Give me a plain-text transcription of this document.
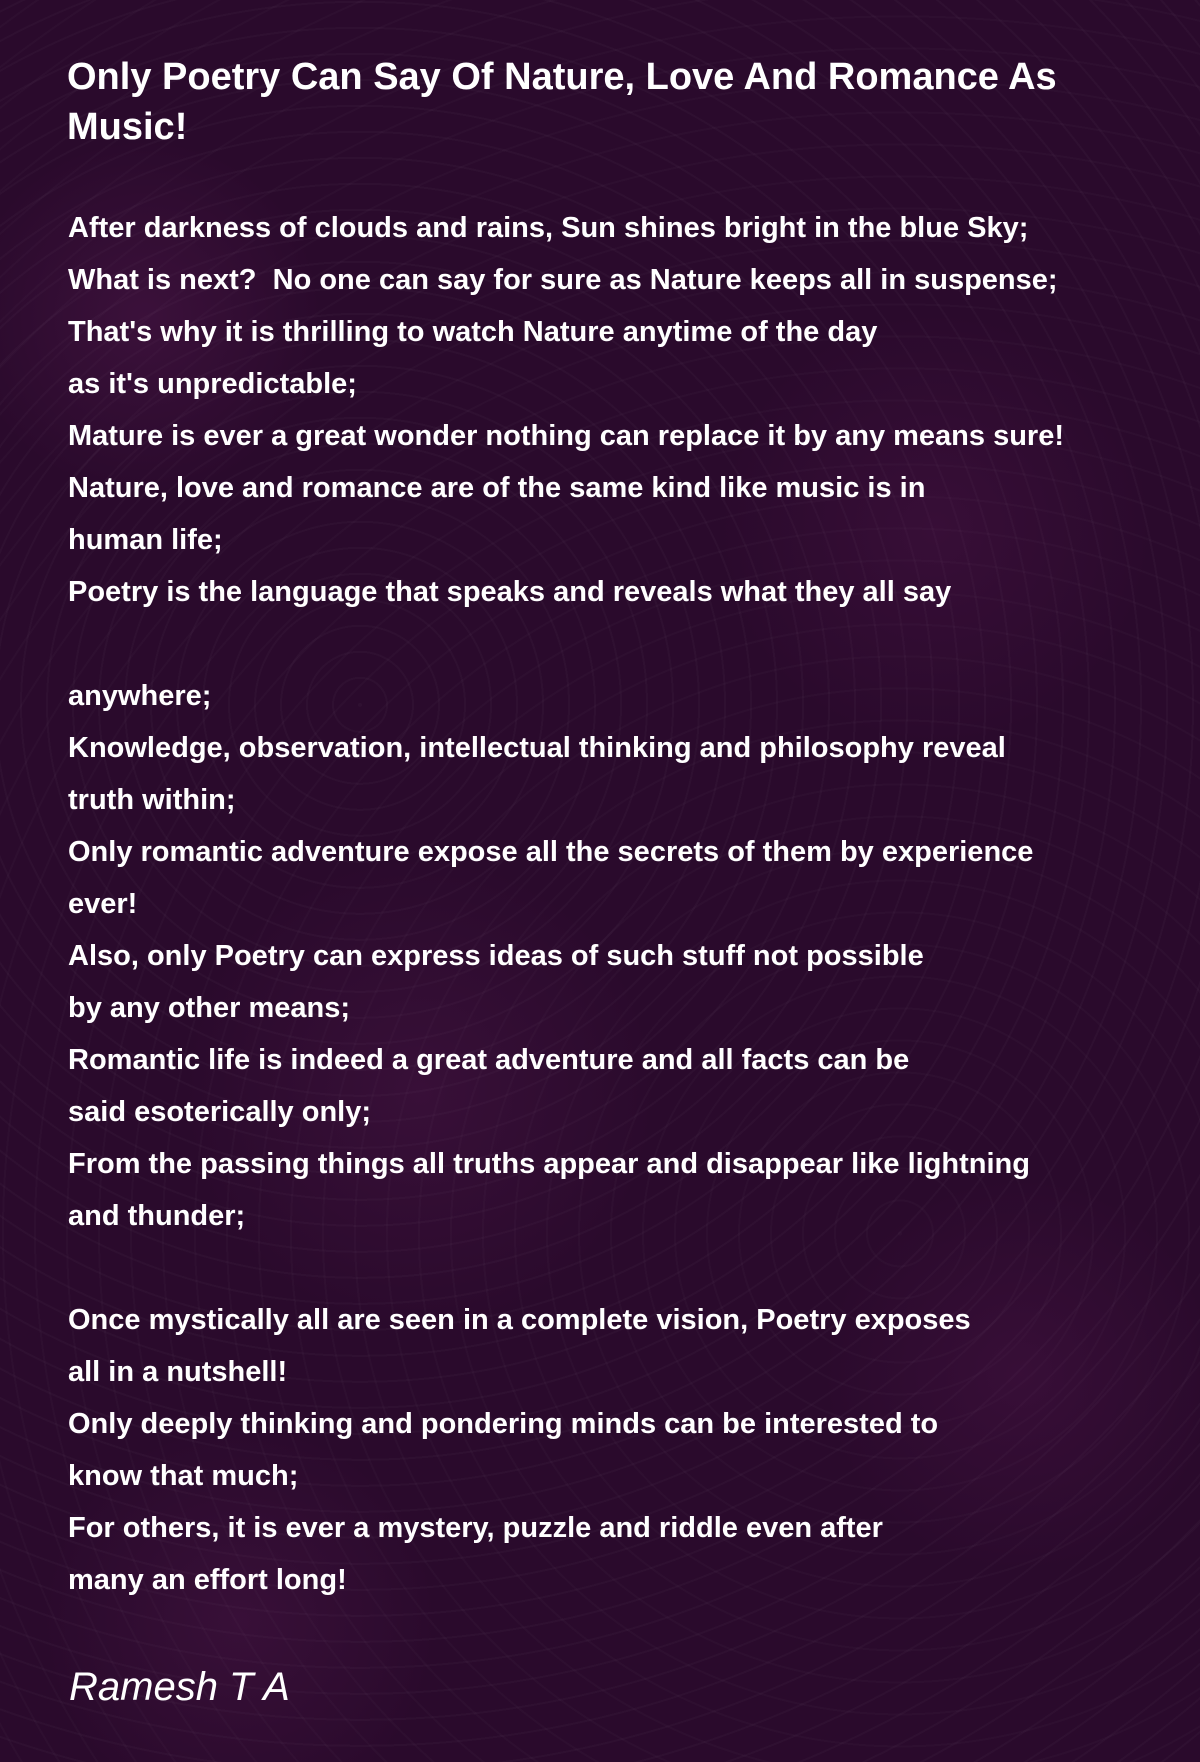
Only Poetry Can Say Of Nature, Love And Romance As Music!
After darkness of clouds and rains, Sun shines bright in the blue Sky;
What is next?  No one can say for sure as Nature keeps all in suspense;
That's why it is thrilling to watch Nature anytime of the day
as it's unpredictable;
Mature is ever a great wonder nothing can replace it by any means sure!
Nature, love and romance are of the same kind like music is in
human life;
Poetry is the language that speaks and reveals what they all say
anywhere;
Knowledge, observation, intellectual thinking and philosophy reveal
truth within;
Only romantic adventure expose all the secrets of them by experience
ever!
Also, only Poetry can express ideas of such stuff not possible
by any other means;
Romantic life is indeed a great adventure and all facts can be
said esoterically only;
From the passing things all truths appear and disappear like lightning
and thunder;
Once mystically all are seen in a complete vision, Poetry exposes
all in a nutshell!
Only deeply thinking and pondering minds can be interested to
know that much;
For others, it is ever a mystery, puzzle and riddle even after
many an effort long!

Ramesh T A
